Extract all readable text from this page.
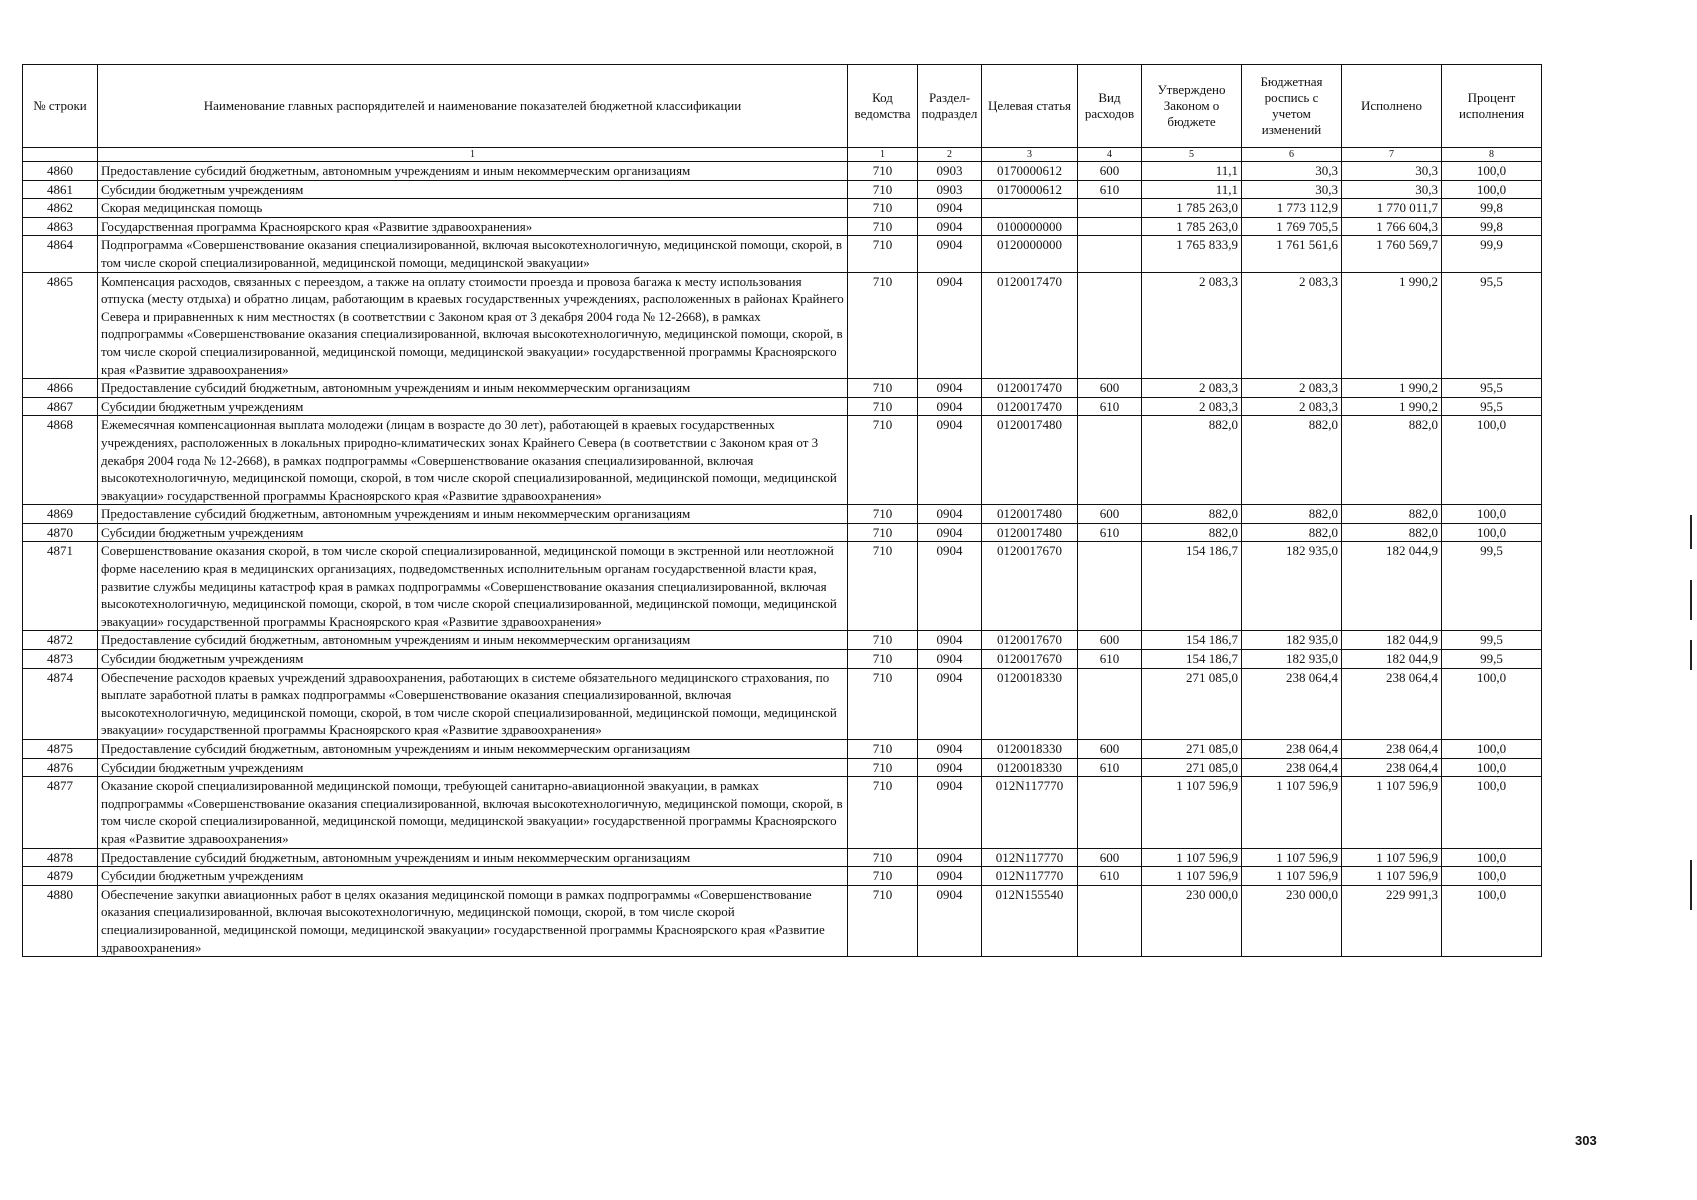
№ строки	Наименование главных распорядителей и наименование показателей бюджетной классификации	Код ведомства	Раздел-подраздел	Целевая статья	Вид расходов	Утверждено Законом о бюджете	Бюджетная роспись с учетом изменений	Исполнено	Процент исполнения
	1	1	2	3	4	5	6	7	8
4860	Предоставление субсидий бюджетным, автономным учреждениям и иным некоммерческим организациям	710	0903	0170000612	600	11,1	30,3	30,3	100,0
4861	Субсидии бюджетным учреждениям	710	0903	0170000612	610	11,1	30,3	30,3	100,0
4862	Скорая медицинская помощь	710	0904			1 785 263,0	1 773 112,9	1 770 011,7	99,8
4863	Государственная программа Красноярского края «Развитие здравоохранения»	710	0904	0100000000		1 785 263,0	1 769 705,5	1 766 604,3	99,8
4864	Подпрограмма «Совершенствование оказания специализированной, включая высокотехнологичную, медицинской помощи, скорой, в том числе скорой специализированной, медицинской помощи, медицинской эвакуации»	710	0904	0120000000		1 765 833,9	1 761 561,6	1 760 569,7	99,9
4865	Компенсация расходов, связанных с переездом, а также на оплату стоимости проезда и провоза багажа к месту использования отпуска (месту отдыха) и обратно лицам, работающим в краевых государственных учреждениях, расположенных в районах Крайнего Севера и приравненных к ним местностях (в соответствии с Законом края от 3 декабря 2004 года № 12-2668), в рамках подпрограммы «Совершенствование оказания специализированной, включая высокотехнологичную, медицинской помощи, скорой, в том числе скорой специализированной, медицинской помощи, медицинской эвакуации» государственной программы Красноярского края «Развитие здравоохранения»	710	0904	0120017470		2 083,3	2 083,3	1 990,2	95,5
4866	Предоставление субсидий бюджетным, автономным учреждениям и иным некоммерческим организациям	710	0904	0120017470	600	2 083,3	2 083,3	1 990,2	95,5
4867	Субсидии бюджетным учреждениям	710	0904	0120017470	610	2 083,3	2 083,3	1 990,2	95,5
4868	Ежемесячная компенсационная выплата молодежи (лицам в возрасте до 30 лет), работающей в краевых государственных учреждениях, расположенных в локальных природно-климатических зонах Крайнего Севера (в соответствии с Законом края от 3 декабря 2004 года № 12-2668), в рамках подпрограммы «Совершенствование оказания специализированной, включая высокотехнологичную, медицинской помощи, скорой, в том числе скорой специализированной, медицинской помощи, медицинской эвакуации» государственной программы Красноярского края «Развитие здравоохранения»	710	0904	0120017480		882,0	882,0	882,0	100,0
4869	Предоставление субсидий бюджетным, автономным учреждениям и иным некоммерческим организациям	710	0904	0120017480	600	882,0	882,0	882,0	100,0
4870	Субсидии бюджетным учреждениям	710	0904	0120017480	610	882,0	882,0	882,0	100,0
4871	Совершенствование оказания скорой, в том числе скорой специализированной, медицинской помощи в экстренной или неотложной форме населению края в медицинских организациях, подведомственных исполнительным органам государственной власти края, развитие службы медицины катастроф края в рамках подпрограммы «Совершенствование оказания специализированной, включая высокотехнологичную, медицинской помощи, скорой, в том числе скорой специализированной, медицинской помощи, медицинской эвакуации» государственной программы Красноярского края «Развитие здравоохранения»	710	0904	0120017670		154 186,7	182 935,0	182 044,9	99,5
4872	Предоставление субсидий бюджетным, автономным учреждениям и иным некоммерческим организациям	710	0904	0120017670	600	154 186,7	182 935,0	182 044,9	99,5
4873	Субсидии бюджетным учреждениям	710	0904	0120017670	610	154 186,7	182 935,0	182 044,9	99,5
4874	Обеспечение расходов краевых учреждений здравоохранения, работающих в системе обязательного медицинского страхования, по выплате заработной платы в рамках подпрограммы «Совершенствование оказания специализированной, включая высокотехнологичную, медицинской помощи, скорой, в том числе скорой специализированной, медицинской помощи, медицинской эвакуации» государственной программы Красноярского края «Развитие здравоохранения»	710	0904	0120018330		271 085,0	238 064,4	238 064,4	100,0
4875	Предоставление субсидий бюджетным, автономным учреждениям и иным некоммерческим организациям	710	0904	0120018330	600	271 085,0	238 064,4	238 064,4	100,0
4876	Субсидии бюджетным учреждениям	710	0904	0120018330	610	271 085,0	238 064,4	238 064,4	100,0
4877	Оказание скорой специализированной медицинской помощи, требующей санитарно-авиационной эвакуации, в рамках подпрограммы «Совершенствование оказания специализированной, включая высокотехнологичную, медицинской помощи, скорой, в том числе скорой специализированной, медицинской помощи, медицинской эвакуации» государственной программы Красноярского края «Развитие здравоохранения»	710	0904	012N117770		1 107 596,9	1 107 596,9	1 107 596,9	100,0
4878	Предоставление субсидий бюджетным, автономным учреждениям и иным некоммерческим организациям	710	0904	012N117770	600	1 107 596,9	1 107 596,9	1 107 596,9	100,0
4879	Субсидии бюджетным учреждениям	710	0904	012N117770	610	1 107 596,9	1 107 596,9	1 107 596,9	100,0
4880	Обеспечение закупки авиационных работ в целях оказания медицинской помощи в рамках подпрограммы «Совершенствование оказания специализированной, включая высокотехнологичную, медицинской помощи, скорой, в том числе скорой специализированной, медицинской помощи, медицинской эвакуации» государственной программы Красноярского края «Развитие здравоохранения»	710	0904	012N155540		230 000,0	230 000,0	229 991,3	100,0
303
